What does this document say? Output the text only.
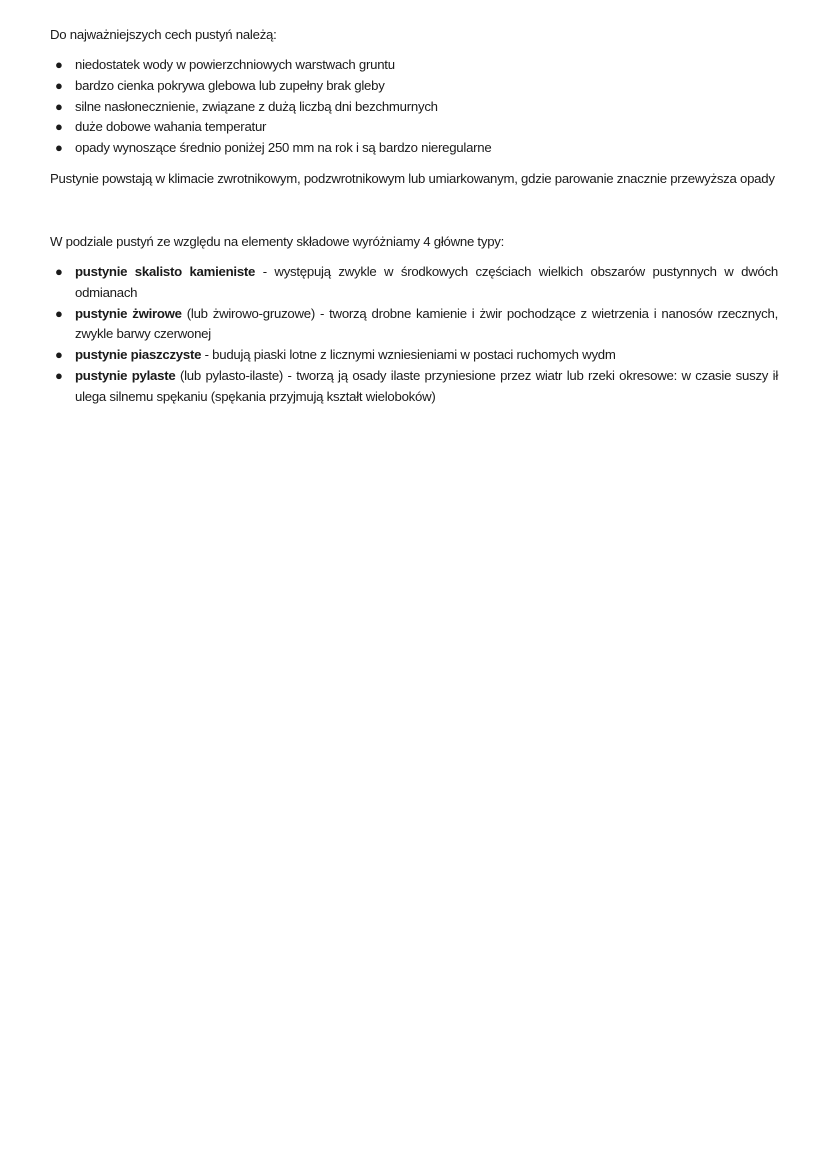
Do najważniejszych cech pustyń należą:

● niedostatek wody w powierzchniowych warstwach gruntu
● bardzo cienka pokrywa glebowa lub zupełny brak gleby
● silne nasłonecznienie, związane z dużą liczbą dni bezchmurnych
● duże dobowe wahania temperatur
● opady wynoszące średnio poniżej 250 mm na rok i są bardzo nieregularne

Pustynie powstają w klimacie zwrotnikowym, podzwrotnikowym lub umiarkowanym, gdzie parowanie znacznie przewyższa opady

W podziale pustyń ze względu na elementy składowe wyróżniamy 4 główne typy:

● pustynie skalisto kamieniste - występują zwykle w środkowych częściach wielkich obszarów pustynnych w dwóch odmianach
● pustynie żwirowe (lub żwirowo-gruzowe) - tworzą drobne kamienie i żwir pochodzące z wietrzenia i nanosów rzecznych, zwykle barwy czerwonej
● pustynie piaszczyste - budują piaski lotne z licznymi wzniesieniami w postaci ruchomych wydm
● pustynie pylaste (lub pylasto-ilaste) - tworzą ją osady ilaste przyniesione przez wiatr lub rzeki okresowe: w czasie suszy ił ulega silnemu spękaniu (spękania przyjmują kształt wieloboków)
